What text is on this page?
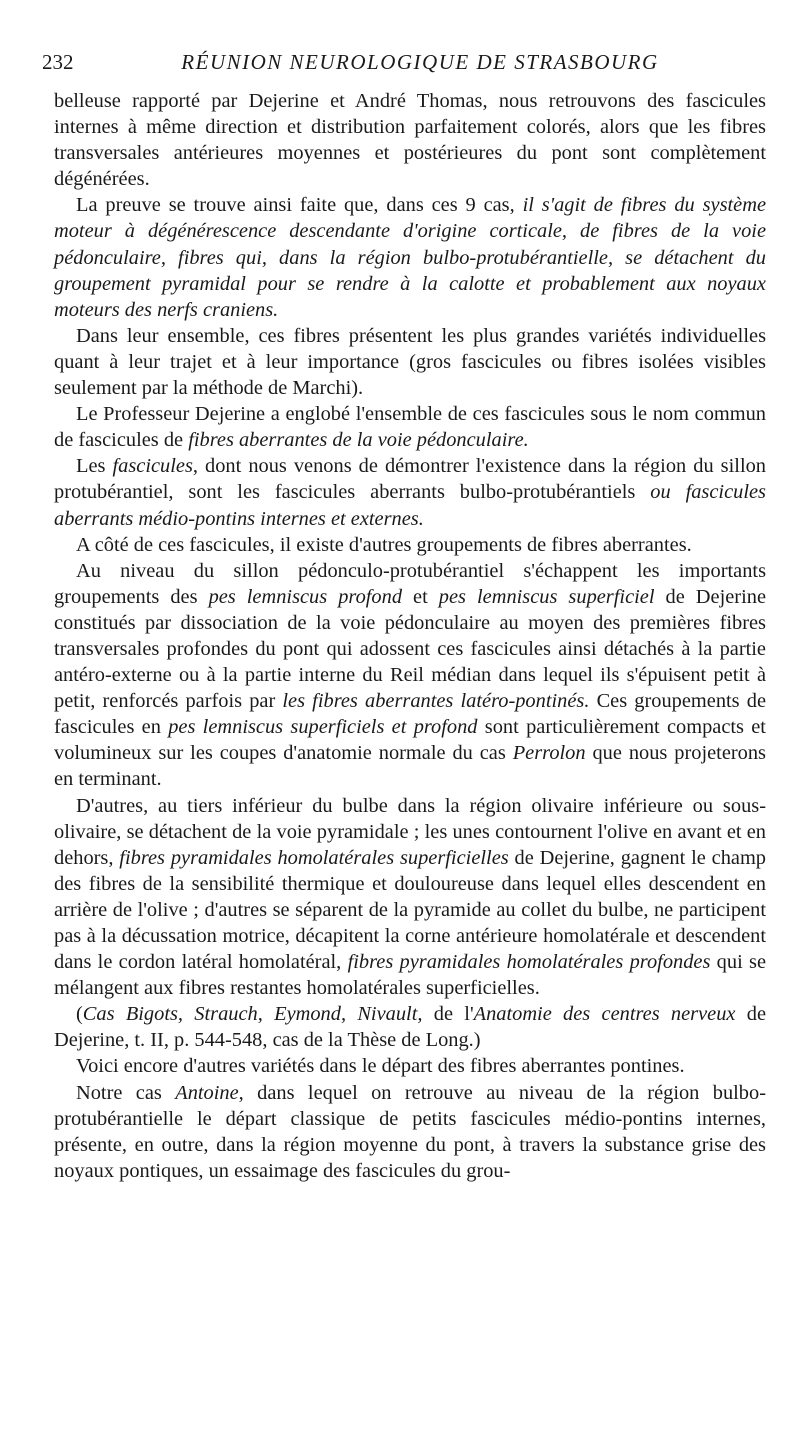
232	RÉUNION NEUROLOGIQUE DE STRASBOURG

belleuse rapporté par Dejerine et André Thomas, nous retrouvons des fascicules internes à même direction et distribution parfaitement colorés, alors que les fibres transversales antérieures moyennes et postérieures du pont sont complètement dégénérées.

La preuve se trouve ainsi faite que, dans ces 9 cas, il s'agit de fibres du système moteur à dégénérescence descendante d'origine corticale, de fibres de la voie pédonculaire, fibres qui, dans la région bulbo-protubérantielle, se détachent du groupement pyramidal pour se rendre à la calotte et probablement aux noyaux moteurs des nerfs craniens.

Dans leur ensemble, ces fibres présentent les plus grandes variétés individuelles quant à leur trajet et à leur importance (gros fascicules ou fibres isolées visibles seulement par la méthode de Marchi).

Le Professeur Dejerine a englobé l'ensemble de ces fascicules sous le nom commun de fascicules de fibres aberrantes de la voie pédonculaire.

Les fascicules, dont nous venons de démontrer l'existence dans la région du sillon protubérantiel, sont les fascicules aberrants bulbo-protubérantiels ou fascicules aberrants médio-pontins internes et externes.

A côté de ces fascicules, il existe d'autres groupements de fibres aberrantes.

Au niveau du sillon pédonculo-protubérantiel s'échappent les importants groupements des pes lemniscus profond et pes lemniscus superficiel de Dejerine constitués par dissociation de la voie pédonculaire au moyen des premières fibres transversales profondes du pont qui adossent ces fascicules ainsi détachés à la partie antéro-externe ou à la partie interne du Reil médian dans lequel ils s'épuisent petit à petit, renforcés parfois par les fibres aberrantes latéro-pontinés. Ces groupements de fascicules en pes lemniscus superficiels et profond sont particulièrement compacts et volumineux sur les coupes d'anatomie normale du cas Perrolon que nous projeterons en terminant.

D'autres, au tiers inférieur du bulbe dans la région olivaire inférieure ou sous-olivaire, se détachent de la voie pyramidale ; les unes contournent l'olive en avant et en dehors, fibres pyramidales homolatérales superficielles de Dejerine, gagnent le champ des fibres de la sensibilité thermique et douloureuse dans lequel elles descendent en arrière de l'olive ; d'autres se séparent de la pyramide au collet du bulbe, ne participent pas à la décussation motrice, décapitent la corne antérieure homolatérale et descendent dans le cordon latéral homolatéral, fibres pyramidales homolatérales profondes qui se mélangent aux fibres restantes homolatérales superficielles.

(Cas Bigots, Strauch, Eymond, Nivault, de l'Anatomie des centres nerveux de Dejerine, t. II, p. 544-548, cas de la Thèse de Long.)

Voici encore d'autres variétés dans le départ des fibres aberrantes pontines.

Notre cas Antoine, dans lequel on retrouve au niveau de la région bulbo-protubérantielle le départ classique de petits fascicules médio-pontins internes, présente, en outre, dans la région moyenne du pont, à travers la substance grise des noyaux pontiques, un essaimage des fascicules du grou-
